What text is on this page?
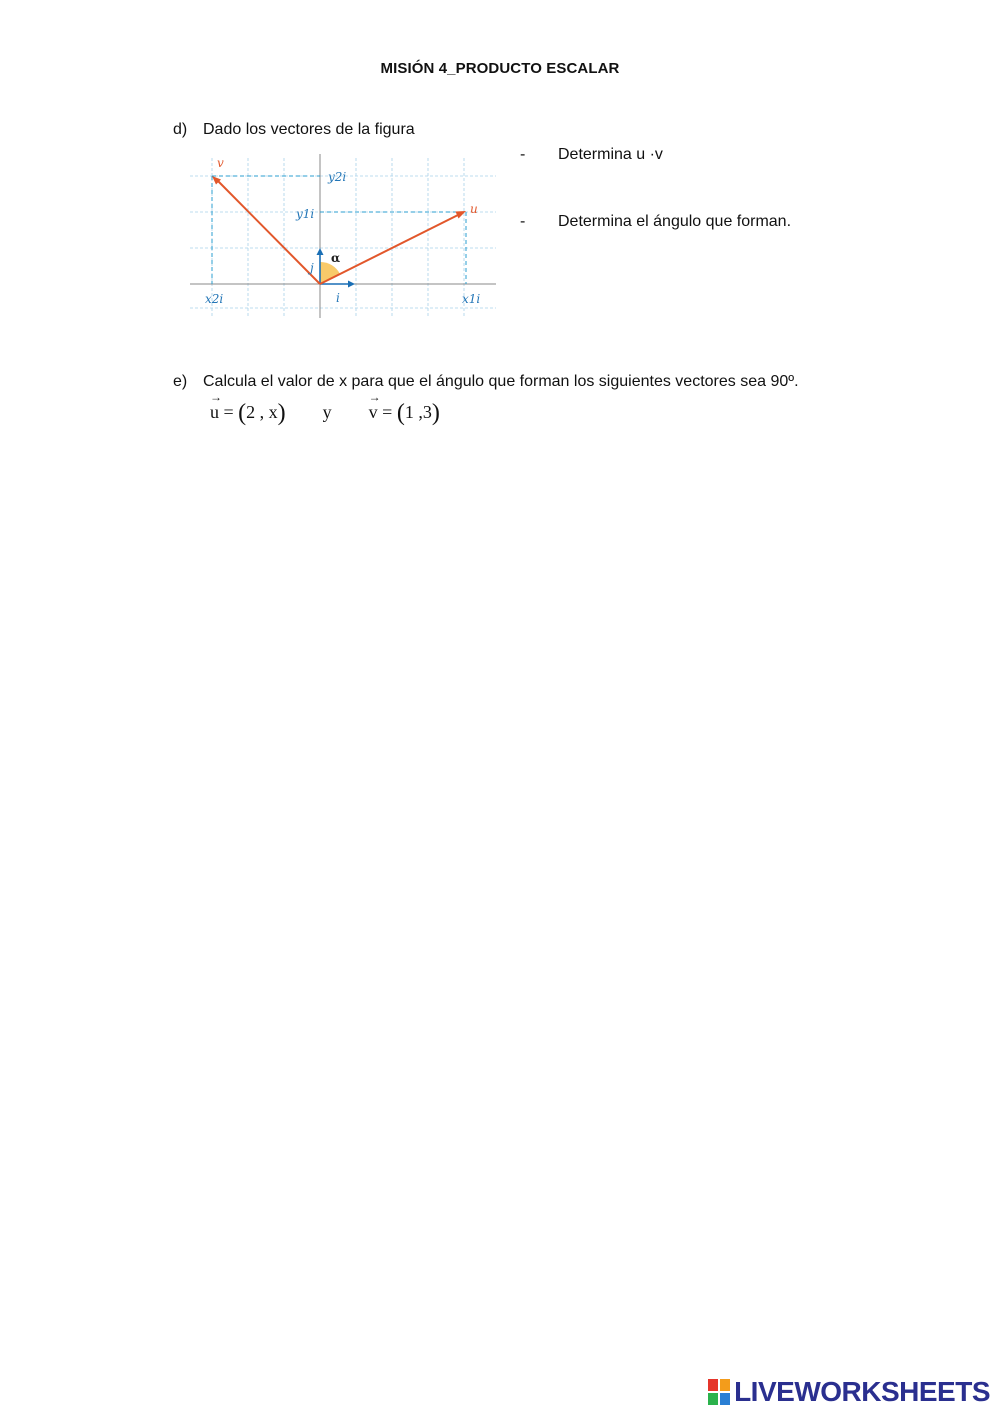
MISIÓN 4_PRODUCTO ESCALAR
d) Dado los vectores de la figura
- Determina u ·v
- Determina el ángulo que forman.
v
u
y2i
y1i
j
i
α
x2i	x1i
e) Calcula el valor de x para que el ángulo que forman los siguientes vectores sea 90º.
→
u = (2 , x) y
→
v = (1 ,3)
LIVEWORKSHEETS
